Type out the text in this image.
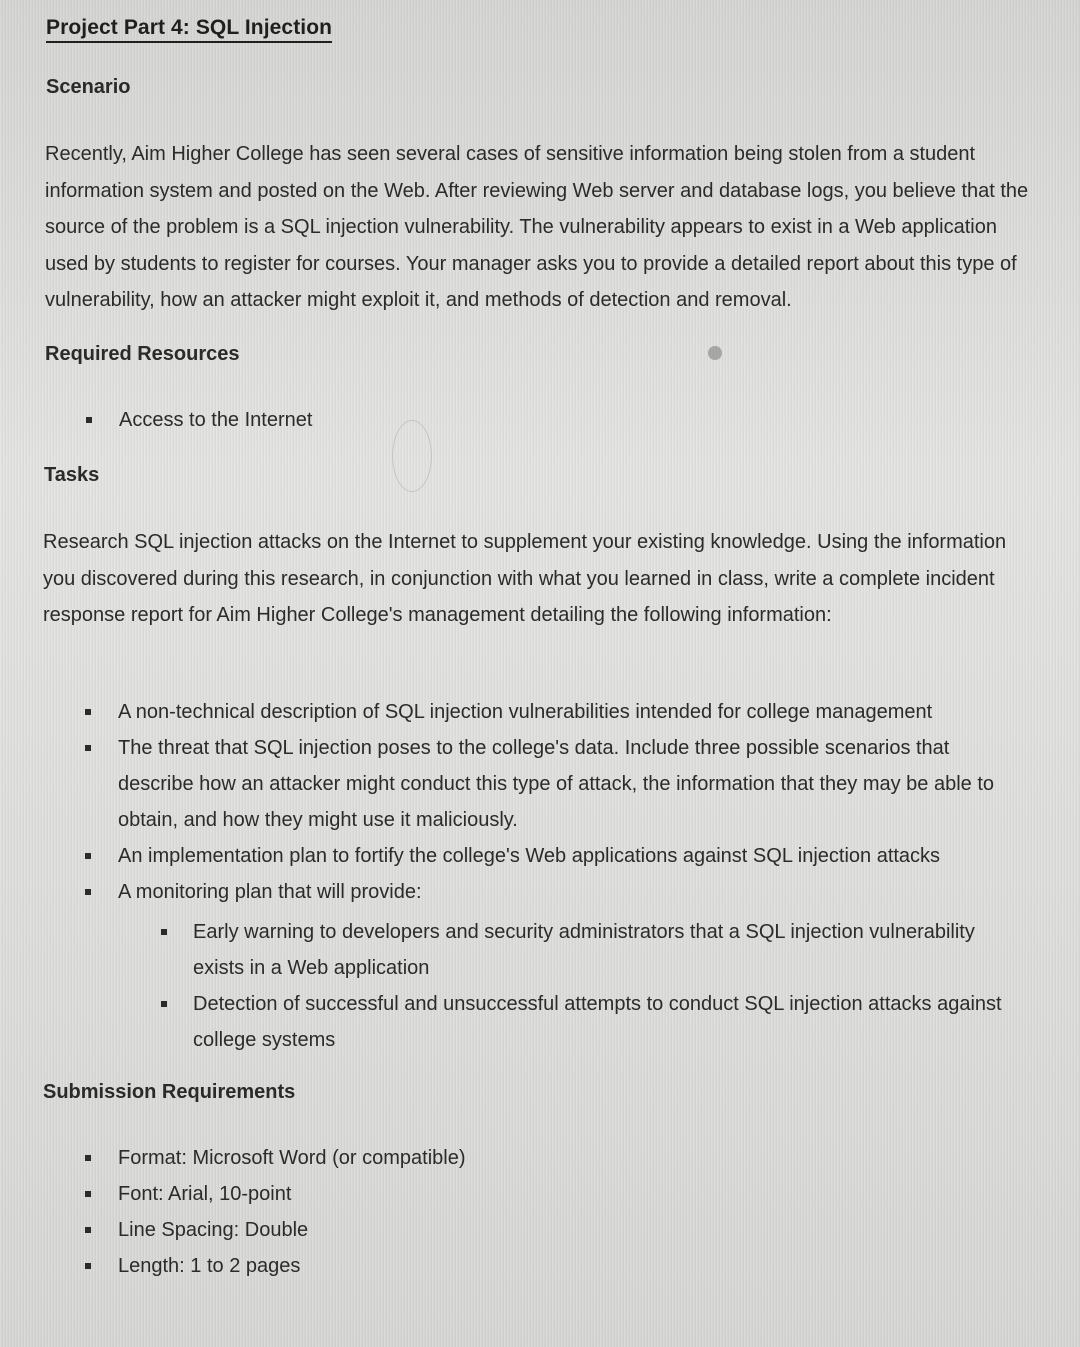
Project Part 4: SQL Injection
Scenario

Recently, Aim Higher College has seen several cases of sensitive information being stolen from a student information system and posted on the Web. After reviewing Web server and database logs, you believe that the source of the problem is a SQL injection vulnerability. The vulnerability appears to exist in a Web application used by students to register for courses. Your manager asks you to provide a detailed report about this type of vulnerability, how an attacker might exploit it, and methods of detection and removal.

Required Resources
Access to the Internet
Tasks

Research SQL injection attacks on the Internet to supplement your existing knowledge. Using the information you discovered during this research, in conjunction with what you learned in class, write a complete incident response report for Aim Higher College's management detailing the following information:

A non-technical description of SQL injection vulnerabilities intended for college management
The threat that SQL injection poses to the college's data. Include three possible scenarios that describe how an attacker might conduct this type of attack, the information that they may be able to obtain, and how they might use it maliciously.
An implementation plan to fortify the college's Web applications against SQL injection attacks
A monitoring plan that will provide:
Early warning to developers and security administrators that a SQL injection vulnerability exists in a Web application
Detection of successful and unsuccessful attempts to conduct SQL injection attacks against college systems
Submission Requirements
Format: Microsoft Word (or compatible)
Font: Arial, 10-point
Line Spacing: Double
Length: 1 to 2 pages
